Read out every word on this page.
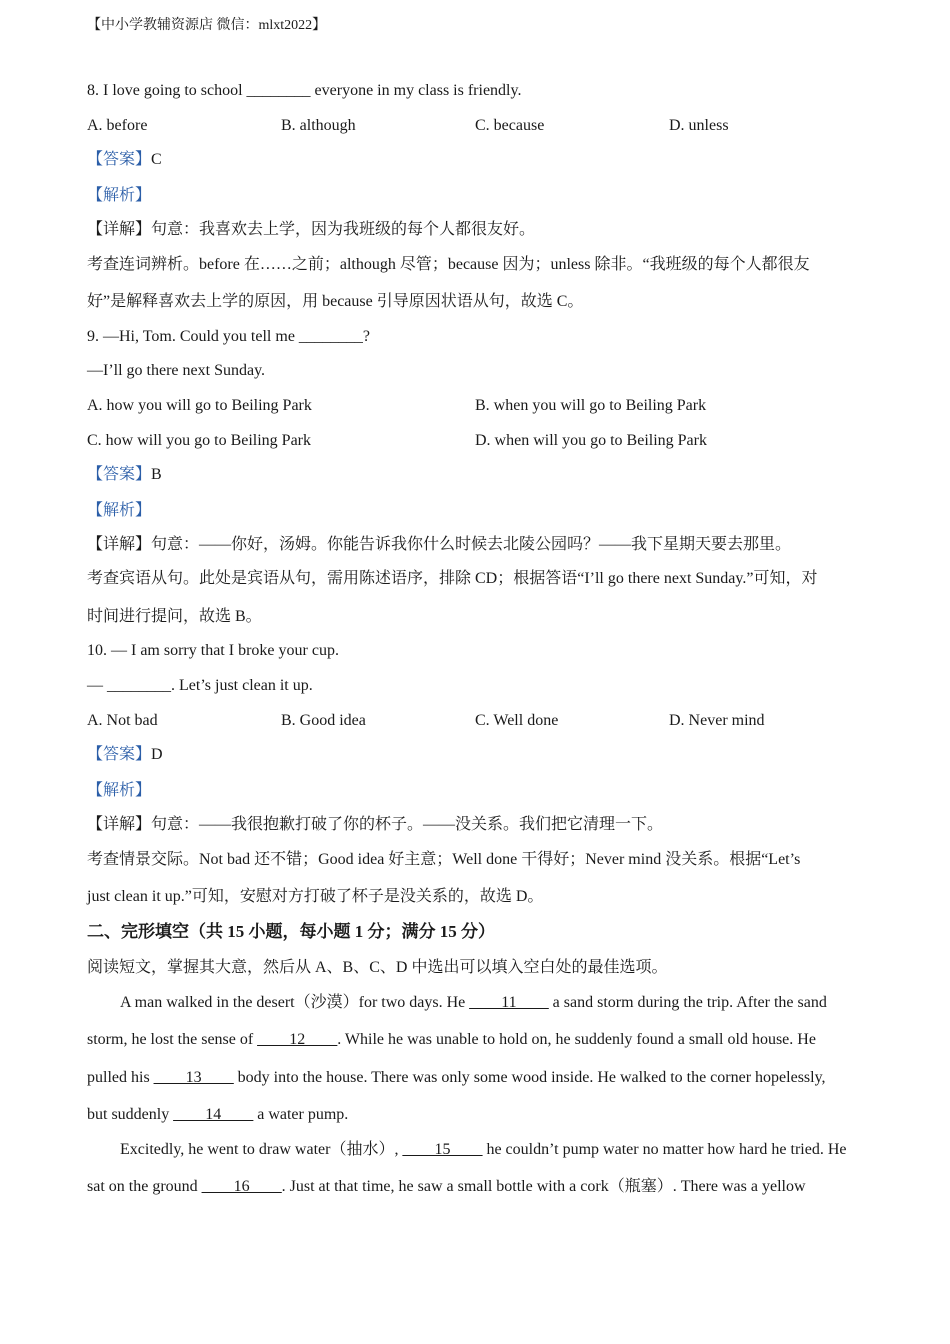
【中小学教辅资源店 微信：mlxt2022】
8. I love going to school ________ everyone in my class is friendly.
A. before	B. although	C. because	D. unless
【答案】C
【解析】
【详解】句意：我喜欢去上学，因为我班级的每个人都很友好。
考查连词辨析。before 在……之前；although 尽管；because 因为；unless 除非。“我班级的每个人都很友
好”是解释喜欢去上学的原因，用 because 引导原因状语从句，故选 C。
9. —Hi, Tom. Could you tell me ________?
—I’ll go there next Sunday.
A. how you will go to Beiling Park	B. when you will go to Beiling Park
C. how will you go to Beiling Park	D. when will you go to Beiling Park
【答案】B
【解析】
【详解】句意：——你好，汤姆。你能告诉我你什么时候去北陵公园吗？——我下星期天要去那里。
考查宾语从句。此处是宾语从句，需用陈述语序，排除 CD；根据答语“I’ll go there next Sunday.”可知，对
时间进行提问，故选 B。
10. — I am sorry that I broke your cup.
— ________. Let’s just clean it up.
A. Not bad	B. Good idea	C. Well done	D. Never mind
【答案】D
【解析】
【详解】句意：——我很抱歉打破了你的杯子。——没关系。我们把它清理一下。
考查情景交际。Not bad 还不错；Good idea 好主意；Well done 干得好；Never mind 没关系。根据“Let’s
just clean it up.”可知，安慰对方打破了杯子是没关系的，故选 D。
二、完形填空（共 15 小题，每小题 1 分；满分 15 分）
阅读短文，掌握其大意，然后从 A、B、C、D 中选出可以填入空白处的最佳选项。
A man walked in the desert（沙漠）for two days. He ____11____ a sand storm during the trip. After the sand
storm, he lost the sense of ____12____. While he was unable to hold on, he suddenly found a small old house. He
pulled his ____13____ body into the house. There was only some wood inside. He walked to the corner hopelessly,
but suddenly ____14____ a water pump.
Excitedly, he went to draw water（抽水）, ____15____ he couldn’t pump water no matter how hard he tried. He
sat on the ground ____16____. Just at that time, he saw a small bottle with a cork（瓶塞）. There was a yellow
